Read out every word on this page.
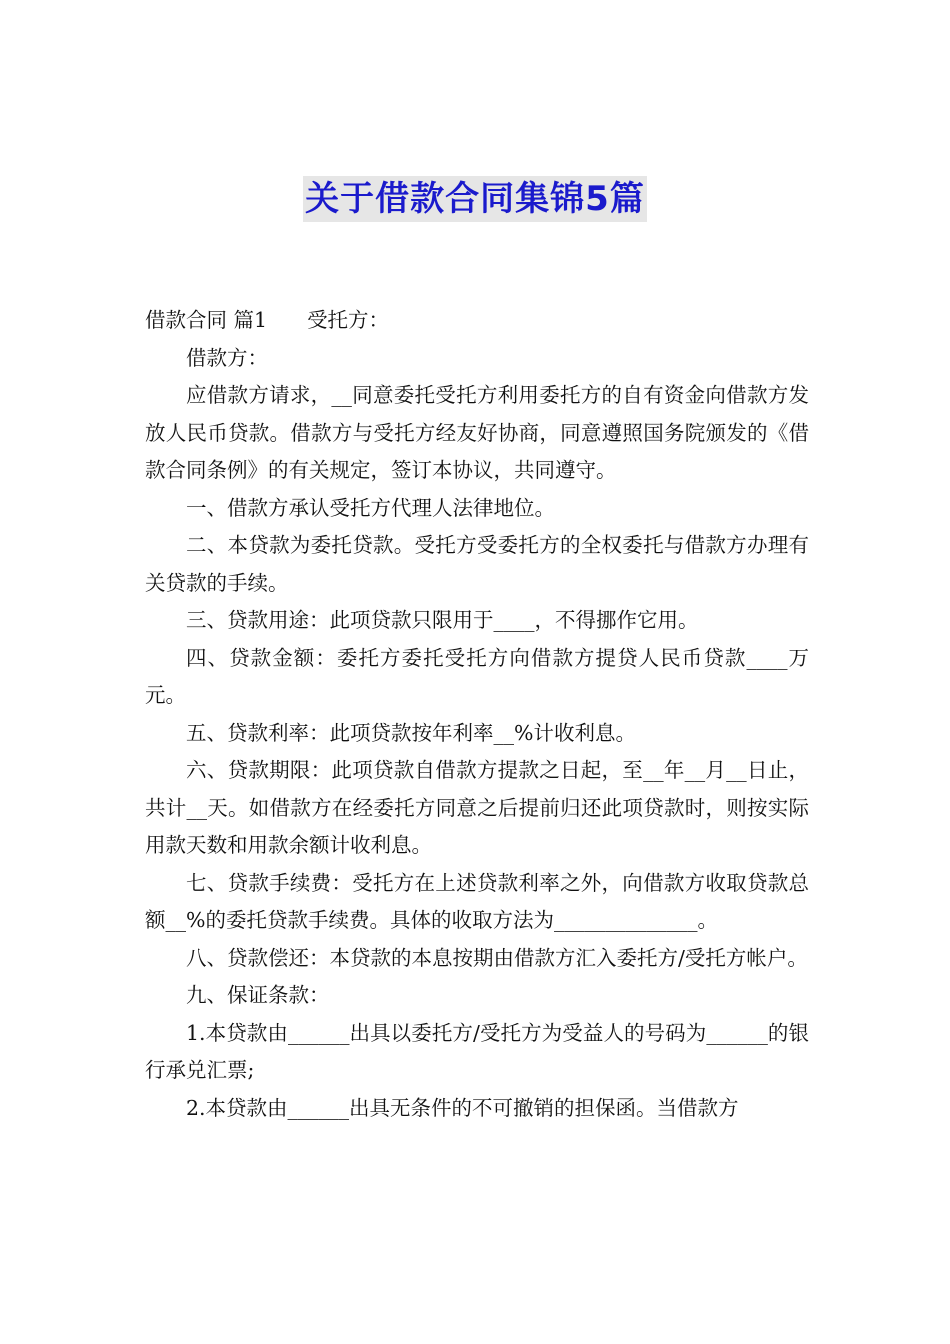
关于借款合同集锦5篇

借款合同 篇1 受托方：

借款方：

应借款方请求，__同意委托受托方利用委托方的自有资金向借款方发放人民币贷款。借款方与受托方经友好协商，同意遵照国务院颁发的《借款合同条例》的有关规定，签订本协议，共同遵守。

一、借款方承认受托方代理人法律地位。

二、本贷款为委托贷款。受托方受委托方的全权委托与借款方办理有关贷款的手续。

三、贷款用途：此项贷款只限用于____，不得挪作它用。

四、贷款金额：委托方委托受托方向借款方提贷人民币贷款____万元。

五、贷款利率：此项贷款按年利率__%计收利息。

六、贷款期限：此项贷款自借款方提款之日起，至__年__月__日止，共计__天。如借款方在经委托方同意之后提前归还此项贷款时，则按实际用款天数和用款余额计收利息。

七、贷款手续费：受托方在上述贷款利率之外，向借款方收取贷款总额__%的委托贷款手续费。具体的收取方法为______________。

八、贷款偿还：本贷款的本息按期由借款方汇入委托方/受托方帐户。

九、保证条款：

1.本贷款由______出具以委托方/受托方为受益人的号码为______的银行承兑汇票;

2.本贷款由______出具无条件的不可撤销的担保函。当借款方
